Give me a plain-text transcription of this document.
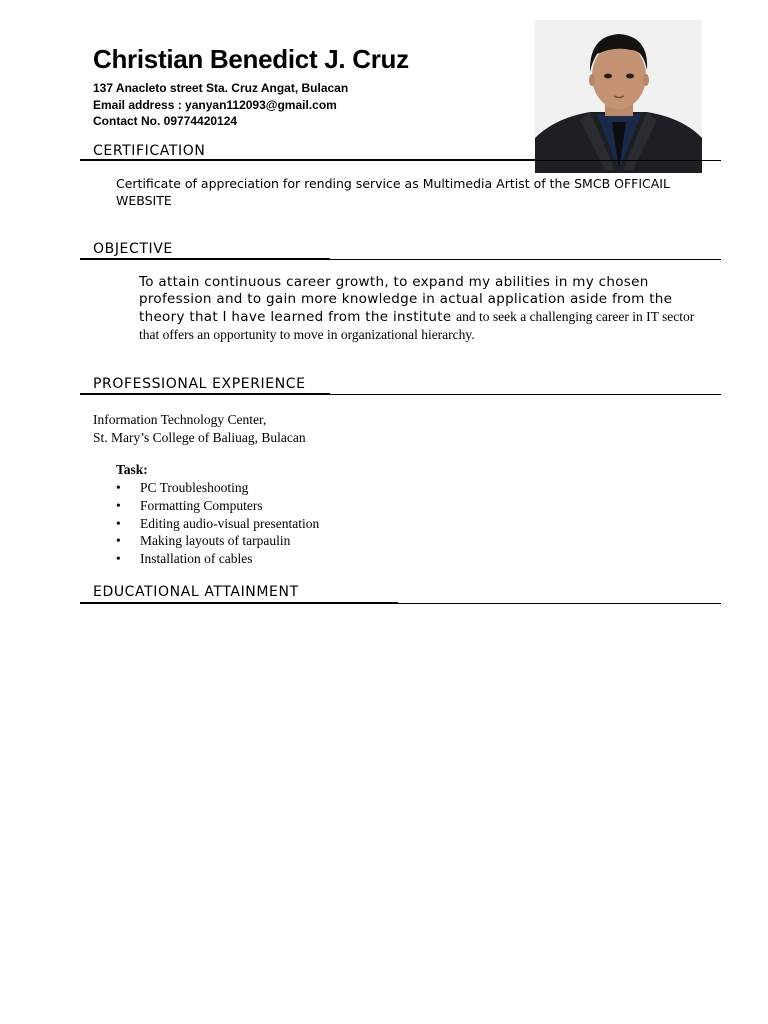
Christian Benedict J. Cruz
137 Anacleto street Sta. Cruz Angat, Bulacan
Email address : yanyan112093@gmail.com
Contact No. 09774420124
CERTIFICATION
Certificate of appreciation for rending service as Multimedia Artist of the SMCB OFFICAIL WEBSITE
OBJECTIVE
To attain continuous career growth, to expand my abilities in my chosen profession and to gain more knowledge in actual application aside from the theory that I have learned from the institute and to seek a challenging career in IT sector that offers an opportunity to move in organizational hierarchy.
PROFESSIONAL EXPERIENCE
Information Technology Center,
St. Mary’s College of Baliuag, Bulacan
Task:
• PC Troubleshooting
• Formatting Computers
• Editing audio-visual presentation
• Making layouts of tarpaulin
• Installation of cables
EDUCATIONAL ATTAINMENT
